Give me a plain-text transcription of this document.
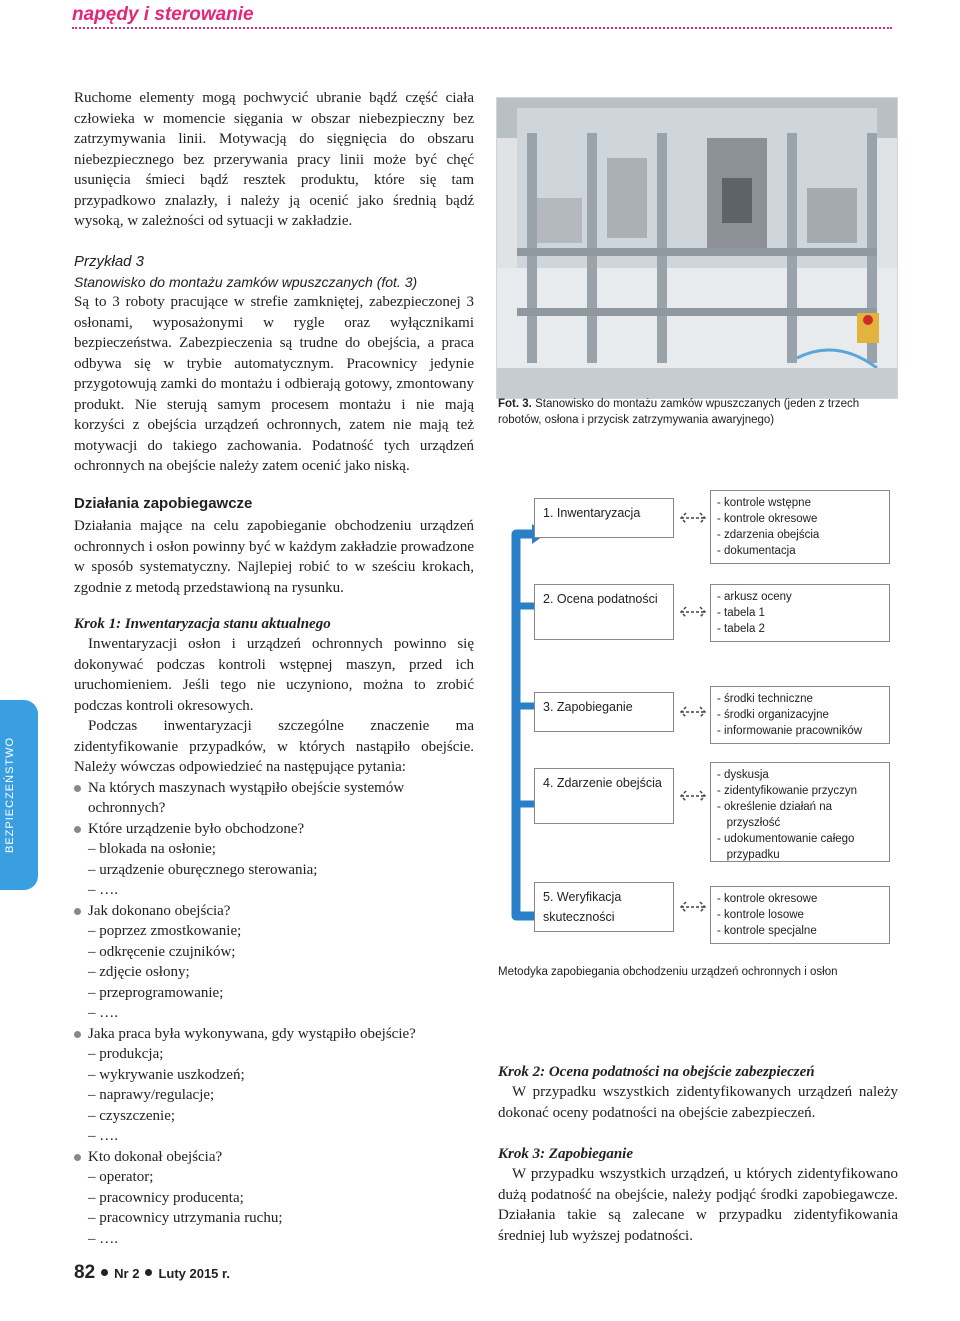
napędy i sterowanie

Ruchome elementy mogą pochwycić ubranie bądź część ciała człowieka w momencie sięgania w obszar niebezpieczny bez zatrzymywania linii. Motywacją do sięgnięcia do obszaru niebezpiecznego bez przerywania pracy linii może być chęć usunięcia śmieci bądź resztek produktu, które się tam przypadkowo znalazły, i należy ją ocenić jako średnią bądź wysoką, w zależności od sytuacji w zakładzie.

Przykład 3

Stanowisko do montażu zamków wpuszczanych (fot. 3)

Są to 3 roboty pracujące w strefie zamkniętej, zabezpieczonej 3 osłonami, wyposażonymi w rygle oraz wyłącznikami bezpieczeństwa. Zabezpieczenia są trudne do obejścia, a praca odbywa się w trybie automatycznym. Pracownicy jedynie przygotowują zamki do montażu i odbierają gotowy, zmontowany produkt. Nie sterują samym procesem montażu i nie mają korzyści z obejścia urządzeń ochronnych, zatem nie mają też motywacji do takiego zachowania. Podatność tych urządzeń ochronnych na obejście należy zatem ocenić jako niską.

Fot. 3. Stanowisko do montażu zamków wpuszczanych (jeden z trzech robotów, osłona i przycisk zatrzymywania awaryjnego)

Działania zapobiegawcze

Działania mające na celu zapobieganie obchodzeniu urządzeń ochronnych i osłon powinny być w każdym zakładzie prowadzone w sposób systematyczny. Najlepiej robić to w sześciu krokach, zgodnie z metodą przedstawioną na rysunku.

Krok 1: Inwentaryzacja stanu aktualnego

Inwentaryzacji osłon i urządzeń ochronnych powinno się dokonywać podczas kontroli wstępnej maszyn, przed ich uruchomieniem. Jeśli tego nie uczyniono, można to zrobić podczas kontroli okresowych.

Podczas inwentaryzacji szczególne znaczenie ma zidentyfikowanie przypadków, w których nastąpiło obejście. Należy wówczas odpowiedzieć na następujące pytania:

Na których maszynach wystąpiło obejście systemów ochronnych?
Które urządzenie było obchodzone?
– blokada na osłonie;
– urządzenie oburęcznego sterowania;
– ….
Jak dokonano obejścia?
– poprzez zmostkowanie;
– odkręcenie czujników;
– zdjęcie osłony;
– przeprogramowanie;
– ….
Jaka praca była wykonywana, gdy wystąpiło obejście?
– produkcja;
– wykrywanie uszkodzeń;
– naprawy/regulacje;
– czyszczenie;
– ….
Kto dokonał obejścia?
– operator;
– pracownicy producenta;
– pracownicy utrzymania ruchu;
– ….
BEZPIECZEŃSTWO
1. Inwentaryzacja
- kontrole wstępne
- kontrole okresowe
- zdarzenia obejścia
- dokumentacja
2. Ocena podatności	- arkusz oceny
- tabela 1
- tabela 2
3. Zapobieganie
- środki techniczne
- środki organizacyjne
- informowanie pracowników
4. Zdarzenie obejścia
- dyskusja
- zidentyfikowanie przyczyn
- określenie działań na
przyszłość
- udokumentowanie całego
przypadku
5. Weryfikacja skuteczności
- kontrole okresowe
- kontrole losowe
- kontrole specjalne
Metodyka zapobiegania obchodzeniu urządzeń ochronnych i osłon

Krok 2: Ocena podatności na obejście zabezpieczeń

W przypadku wszystkich zidentyfikowanych urządzeń należy dokonać oceny podatności na obejście zabezpieczeń.

Krok 3: Zapobieganie

W przypadku wszystkich urządzeń, u których zidentyfikowano dużą podatność na obejście, należy podjąć środki zapobiegawcze. Działania takie są zalecane w przypadku zidentyfikowania średniej lub wyższej podatności.

82 Nr 2 Luty 2015 r.
